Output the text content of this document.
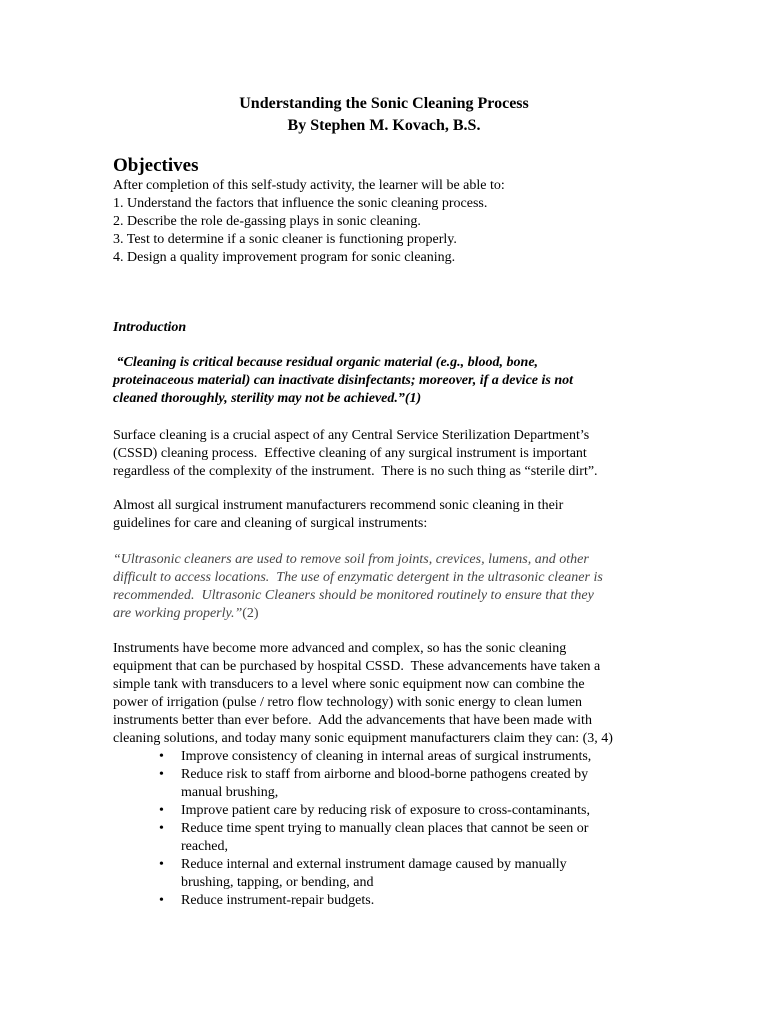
Understanding the Sonic Cleaning Process
By Stephen M. Kovach, B.S.
Objectives
After completion of this self-study activity, the learner will be able to:
1. Understand the factors that influence the sonic cleaning process.
2. Describe the role de-gassing plays in sonic cleaning.
3. Test to determine if a sonic cleaner is functioning properly.
4. Design a quality improvement program for sonic cleaning.
Introduction
“Cleaning is critical because residual organic material (e.g., blood, bone,
proteinaceous material) can inactivate disinfectants; moreover, if a device is not
cleaned thoroughly, sterility may not be achieved.”(1)
Surface cleaning is a crucial aspect of any Central Service Sterilization Department’s
(CSSD) cleaning process.  Effective cleaning of any surgical instrument is important
regardless of the complexity of the instrument.  There is no such thing as “sterile dirt”.
Almost all surgical instrument manufacturers recommend sonic cleaning in their
guidelines for care and cleaning of surgical instruments:
“Ultrasonic cleaners are used to remove soil from joints, crevices, lumens, and other
difficult to access locations.  The use of enzymatic detergent in the ultrasonic cleaner is
recommended.  Ultrasonic Cleaners should be monitored routinely to ensure that they
are working properly.”(2)
Instruments have become more advanced and complex, so has the sonic cleaning
equipment that can be purchased by hospital CSSD.  These advancements have taken a
simple tank with transducers to a level where sonic equipment now can combine the
power of irrigation (pulse / retro flow technology) with sonic energy to clean lumen
instruments better than ever before.  Add the advancements that have been made with
cleaning solutions, and today many sonic equipment manufacturers claim they can: (3, 4)
• Improve consistency of cleaning in internal areas of surgical instruments,
• Reduce risk to staff from airborne and blood-borne pathogens created by
manual brushing,
• Improve patient care by reducing risk of exposure to cross-contaminants,
• Reduce time spent trying to manually clean places that cannot be seen or
reached,
• Reduce internal and external instrument damage caused by manually
brushing, tapping, or bending, and
• Reduce instrument-repair budgets.
